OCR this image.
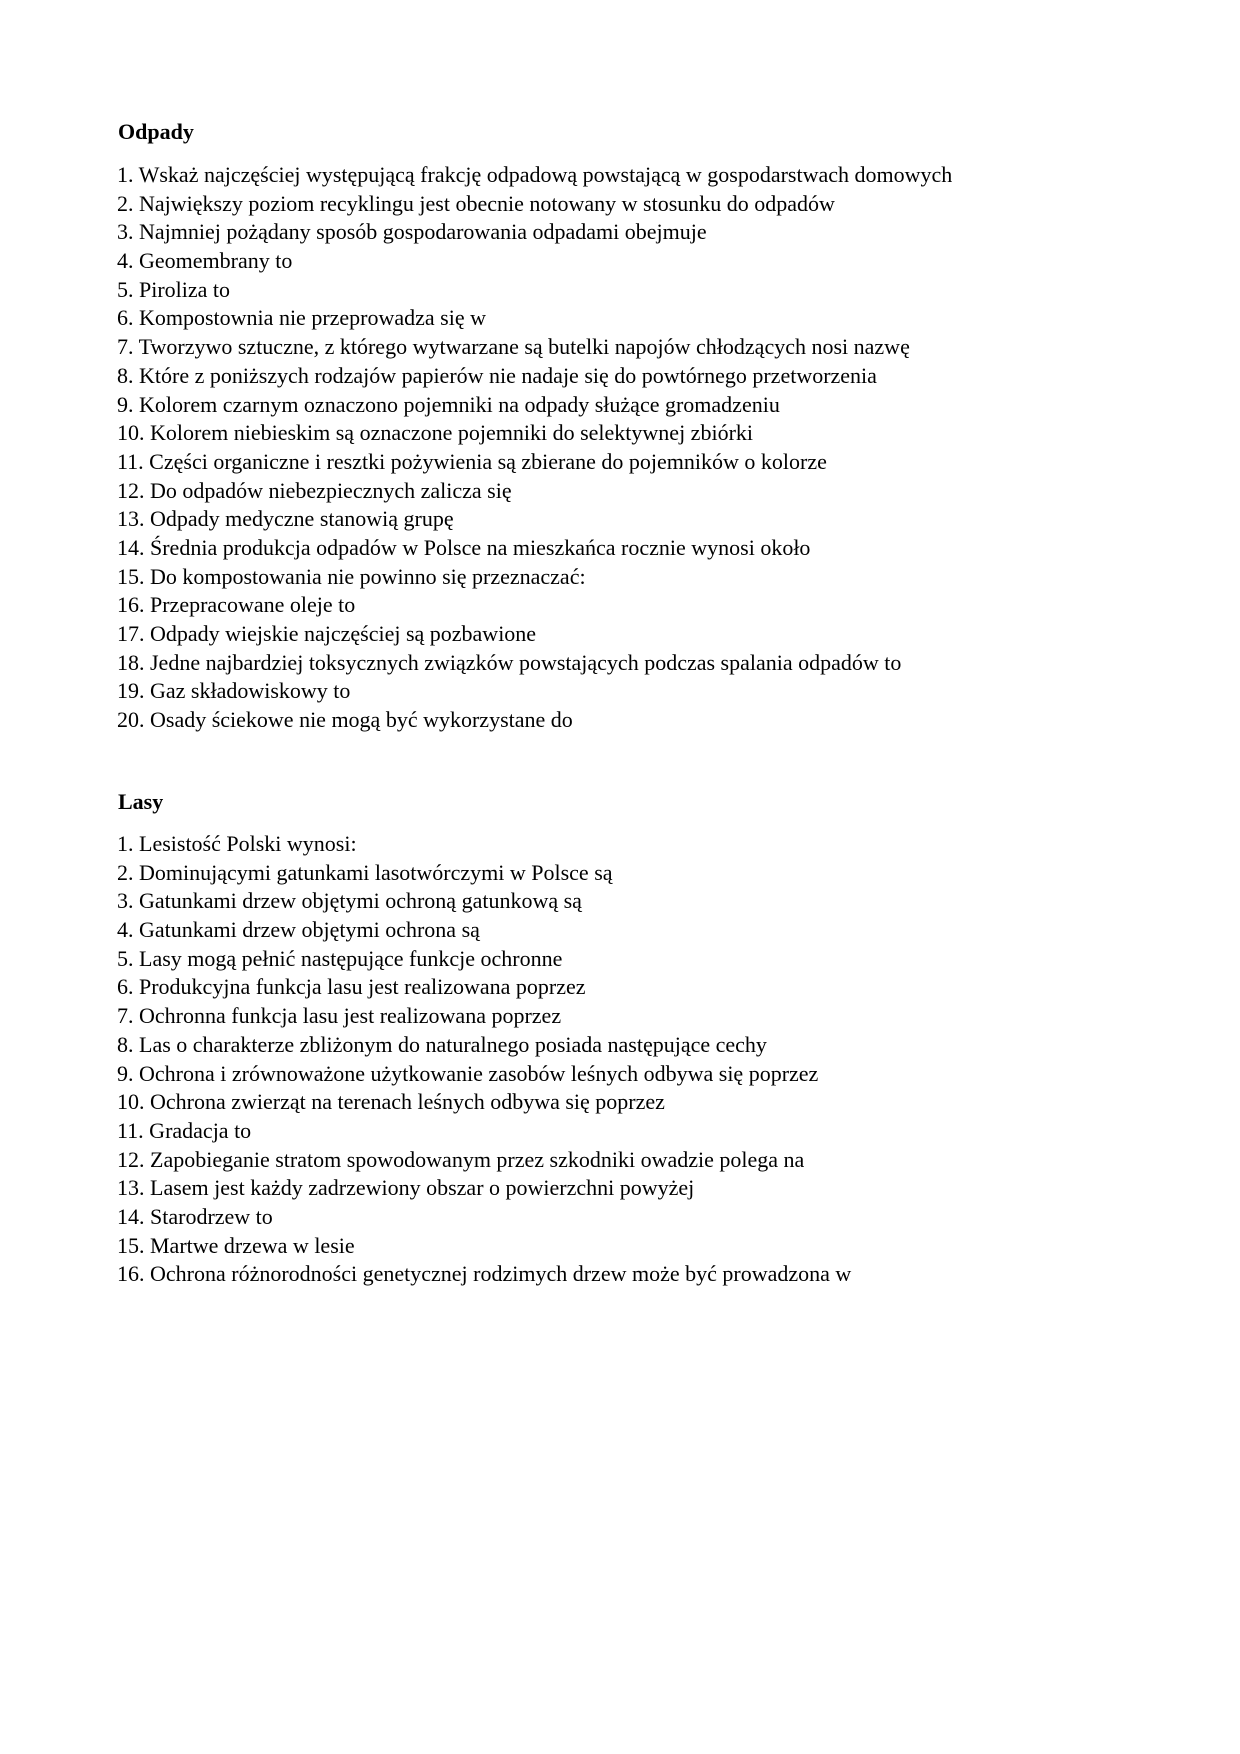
Odpady
1. Wskaż najczęściej występującą frakcję odpadową powstającą w gospodarstwach domowych
2. Największy poziom recyklingu jest obecnie notowany w stosunku do odpadów
3. Najmniej pożądany sposób gospodarowania odpadami obejmuje
4. Geomembrany to
5. Piroliza to
6. Kompostownia nie przeprowadza się w
7. Tworzywo sztuczne, z którego wytwarzane są butelki napojów chłodzących nosi nazwę
8. Które z poniższych rodzajów papierów nie nadaje się do powtórnego przetworzenia
9. Kolorem czarnym oznaczono pojemniki na odpady służące gromadzeniu
10. Kolorem niebieskim są oznaczone pojemniki do selektywnej zbiórki
11. Części organiczne i resztki pożywienia są zbierane do pojemników o kolorze
12. Do odpadów niebezpiecznych zalicza się
13. Odpady medyczne stanowią grupę
14. Średnia produkcja odpadów w Polsce na mieszkańca rocznie wynosi około
15. Do kompostowania nie powinno się przeznaczać:
16. Przepracowane oleje to
17. Odpady wiejskie najczęściej są pozbawione
18. Jedne najbardziej toksycznych związków powstających podczas spalania odpadów to
19. Gaz składowiskowy to
20. Osady ściekowe nie mogą być wykorzystane do
Lasy
1. Lesistość Polski wynosi:
2. Dominującymi gatunkami lasotwórczymi w Polsce są
3. Gatunkami drzew objętymi ochroną gatunkową są
4. Gatunkami drzew objętymi ochrona są
5. Lasy mogą pełnić następujące funkcje ochronne
6. Produkcyjna funkcja lasu jest realizowana poprzez
7. Ochronna funkcja lasu jest realizowana poprzez
8. Las o charakterze zbliżonym do naturalnego posiada następujące cechy
9. Ochrona i zrównoważone użytkowanie zasobów leśnych odbywa się poprzez
10. Ochrona zwierząt na terenach leśnych odbywa się poprzez
11. Gradacja to
12. Zapobieganie stratom spowodowanym przez szkodniki owadzie polega na
13. Lasem jest każdy zadrzewiony obszar o powierzchni powyżej
14. Starodrzew to
15. Martwe drzewa w lesie
16. Ochrona różnorodności genetycznej rodzimych drzew może być prowadzona w
